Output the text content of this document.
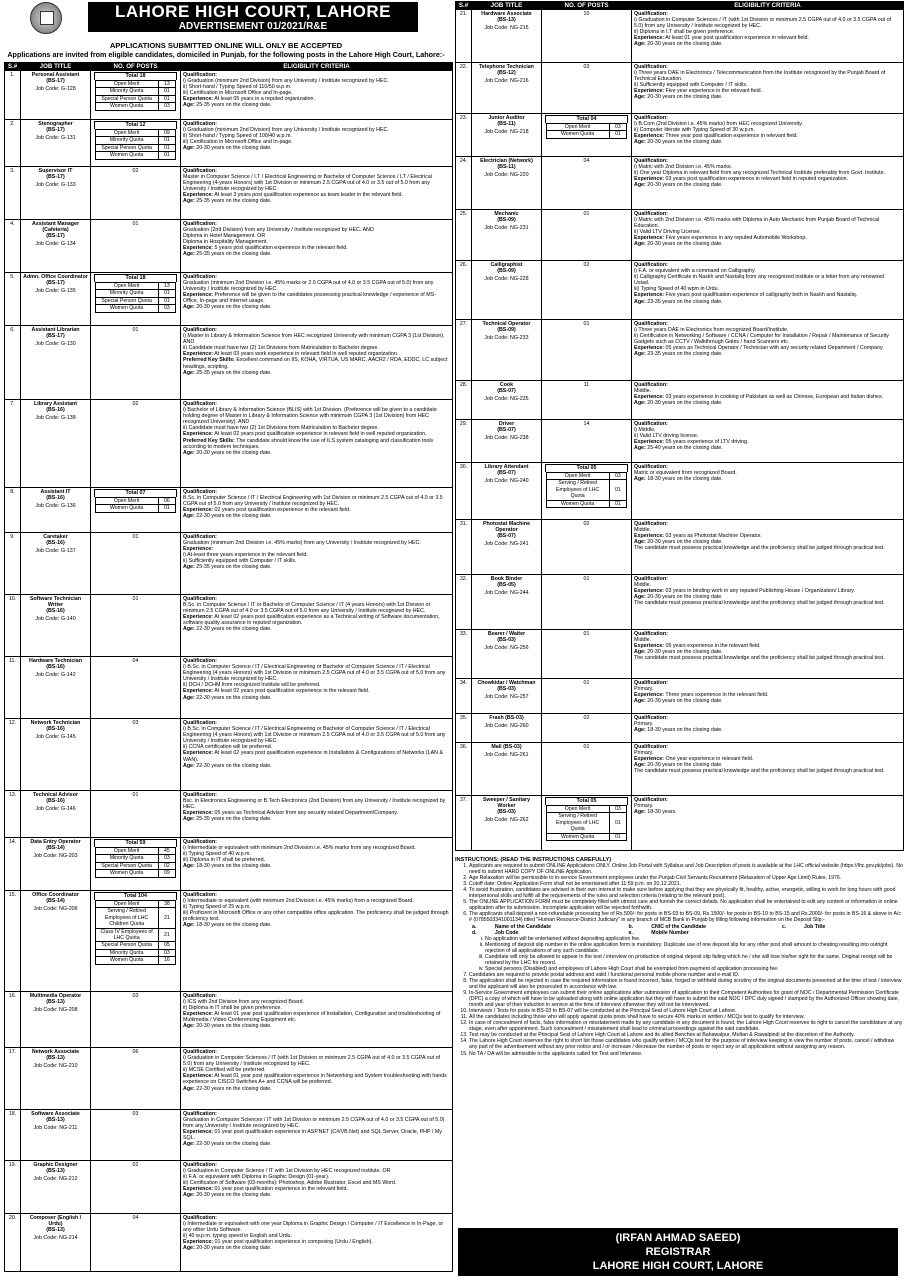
LAHORE HIGH COURT, LAHORE
ADVERTISEMENT 01/2021/R&E
APPLICATIONS SUBMITTED ONLINE WILL ONLY BE ACCEPTED
Applications are invited from eligible candidates, domiciled in Punjab, for the following posts in the Lahore High Court, Lahore:-
S.#	JOB TITLE	NO. OF POSTS	ELIGIBILITY CRITERIA
1.	Personal Assistant
(BS-17)
Job Code: G-128

Total 18
Open Merit	13
Minority Quota	01
Special Person Quota	01
Women Quota	03

Qualification:
i) Graduation (minimum 2nd Division) from any University / Institute recognized by HEC.
ii) Short-hand / Typing Speed of 110/50 w.p.m.
iii) Certification in Microsoft Office and In-page.
Experience: At least 05 years in a reputed organization.
Age: 25-35 years on the closing date.

2.	Stenographer
(BS-17)
Job Code: G-131

Total 12
Open Merit	09
Minority Quota	01
Special Person Quota	01
Women Quota	01

Qualification:
i) Graduation (minimum 2nd Division) from any University / Institute recognized by HEC.
ii) Short-hand / Typing Speed of 100/40 w.p.m.
iii) Certification in Microsoft Office and In-page.
Age: 20-30 years on the closing date.

3.	Supervisor IT
(BS-17)
Job Code: G-133
	02	Qualification:
Master in Computer Science / I.T / Electrical Engineering or Bachelor of Computer Science / I.T / Electrical Engineering (4-years Honors) with 1st Division or minimum 2.5 CGPA out of 4.0 or 3.5 out of 5.0 from any University / Institute recognized by HEC.
Experience: At least 3 years post qualification experience as team leader in the relevant field.
Age: 25-35 years on the closing date.

4.	Assistant Manager (Cafeteria)
(BS-17)
Job Code: G-134
	01	Qualification:
Graduation (2nd Division) from any University / Institute recognized by HEC. AND
Diploma in Hotel Management. OR
Diploma in Hospitality Management.
Experience: 5 years post qualification experience in the relevant field.
Age: 25-35 years on the closing date.

5.	Admn. Office Coordinator
(BS-17)
Job Code: G-135

Total 18
Open Merit	13
Minority Quota	01
Special Person Quota	01
Women Quota	03

Qualification:
Graduation (minimum 2nd Division i.e. 45% marks or 2.5 CGPA out of 4.0 or 3.5 CGPA out of 5.0) from any University / Institute recognized by HEC.
Experience: Preference will be given to the candidates possessing practical knowledge / experience of MS-Office, In-page and Internet usage.
Age: 20-30 years on the closing date.

6.	Assistant Librarian
(BS-17)
Job Code: G-130
	01	Qualification:
i) Master in Library & Information Science from HEC recognized University with minimum CGPA 3 (1st Division). AND
ii) Candidate must have two (2) 1st Divisions from Matriculation to Bachelor degree.
Experience: At least 03 years work experience in relevant field in well reputed organization.
Preferred Key Skills: Excellent command on IIS, KOHA, VIRTUA, US MARC, AACR2 / RDA, EDDC, LC subject headings, scripting.
Age: 25-35 years on the closing date.

7.	Library Assistant
(BS-16)
Job Code: G-138
	02	Qualification:
i) Bachelor of Library & Information Science (BLIS) with 1st Division. (Preference will be given to a candidate holding degree of Master in Library & Information Science with minimum CGPA 3 (1st Division) from HEC recognized University). AND
ii) Candidate must have two (2) 1st Divisions from Matriculation to Bachelor degree.
Experience: At least 02 years post qualification experience in relevant field in well reputed organization.
Preferred Key Skills: The candidate should know the use of ILS system cataloging and classification tools according to modern techniques.
Age: 20-30 years on the closing date.

8.	Assistant IT
(BS-16)
Job Code: G-136

Total 07
Open Merit	06
Women Quota	01

Qualification:
B.Sc. in Computer Science / IT / Electrical Engineering with 1st Division or minimum 2.5 CGPA out of 4.0 or 3.5 CGPA out of 5.0 from any University / Institute recognized by HEC.
Experience: 02 years post qualification experience in the relevant field.
Age: 22-30 years on the closing date.

9.	Caretaker
(BS-16)
Job Code: G-137
	01	Qualification:
Graduation (minimum 2nd Division i.e. 45% marks) from any University / Institute recognized by HEC.
Experience:
i) At-least three years experience in the relevant field.
ii) Sufficiently equipped with Computer / IT skills.
Age: 25-35 years on the closing date.

10.	Software Technician Writer
(BS-16)
Job Code: G-140
	01	Qualification:
B.Sc. in Computer Science / IT or Bachelor of Computer Science / IT (4 years Honors) with 1st Division or minimum 2.5 CGPA out of 4.0 or 3.5 CGPA out of 5.0 from any University / Institute recognized by HEC.
Experience: At least 02 years post qualification experience as a Technical writing of Software documentation, software quality assurance in reputed organization.
Age: 22-30 years on the closing date.

11.	Hardware Technician
(BS-16)
Job Code: G-142
	04	Qualification:
i) B.Sc. in Computer Science / IT / Electrical Engineering or Bachelor of Computer Science / IT / Electrical Engineering (4 years Honors) with 1st Division or minimum 2.5 CGPA out of 4.0 or 3.5 CGPA out of 5.0 from any University / Institute recognized by HEC.
ii) DCH / DCHM from recognized Institute will be preferred.
Experience: At least 02 years post qualification experience in the relevant field.
Age: 22-30 years on the closing date.

12.	Network Technician
(BS-16)
Job Code: G-145
	03	Qualification:
i) B.Sc. in Computer Science / IT / Electrical Engineering or Bachelor of Computer Science / IT / Electrical Engineering (4 years Honors) with 1st Division or minimum 2.5 CGPA out of 4.0 or 3.5 CGPA out of 5.0 from any University / Institute recognized by HEC.
ii) CCNA certification will be preferred.
Experience: At least 02 years post qualification experience in Installation & Configurations of Networks (LAN & WAN).
Age: 22-30 years on the closing date.

13.	Technical Advisor
(BS-16)
Job Code: G-146
	01	Qualification:
Bsc. in Electronics Engineering or B.Tech Electronics (2nd Division) from any University / Institute recognized by HEC.
Experience: 05 years as Technical Advisor from any security related Department/Company.
Age: 25-35 years on the closing date.

14.	Data Entry Operator
(BS-14)
Job Code: NG-203

Total 59
Open Merit	45
Minority Quota	03
Special Person Quota	02
Women Quota	09

Qualification:
i) Intermediate or equivalent with minimum 2nd Division i.e. 45% marks from any recognized Board.
ii) Typing Speed of 40 w.p.m.
iii) Diploma in IT shall be preferred.
Age: 18-30 years on the closing date.

15.	Office Coordinator
(BS-14)
Job Code: NG-206

Total 104
Open Merit	38
Serving / Retired Employees of LHC Children Quota	21
Class IV Employees of LHC Quota	21
Special Person Quota	05
Minority Quota	03
Women Quota	16

Qualification:
i) Intermediate or equivalent (with minimum 2nd Division i.e. 45% marks) from a recognized Board.
ii) Typing Speed of 25 w.p.m.
iii) Proficient in Microsoft Office or any other compatible office application. The proficiency shall be judged through proficiency test.
Age: 18-30 years on the closing date.

16.	Multimedia Operator
(BS-13)
Job Code: NG-208
	03	Qualification:
i) ICS with 2nd Division from any recognized Board.
ii) Diploma in IT shall be given preference.
Experience: At least 01 year post qualification experience of Installation, Configuration and troubleshooting of Multimedia / Video Conferencing Equipment etc.
Age: 20-30 years on the closing date.

17.	Network Associate
(BS-13)
Job Code: NG-210
	06	Qualification:
i) Graduation in Computer Sciences / IT (with 1st Division or minimum 2.5 CGPA out of 4.0 or 3.5 CGPA out of 5.0) from any University / Institute recognized by HEC.
ii) MCSE Certified will be preferred.
Experience: At least 01 year post qualification experience in Networking and System troubleshooting with hands experience on CISCO Switches A+ and CCNA will be preferred.
Age: 22-30 years on the closing date.

18.	Software Associate
(BS-13)
Job Code: NG-211
	03	Qualification:
Graduation in Computer Sciences / IT with 1st Division or minimum 2.5 CGPA out of 4.0 or 3.5 CGPA out of 5.0) from any University / Institute recognized by HEC.
Experience: 01 year post qualification experience in ASP.NET (C#/VB.Net) and SQL Server, Oracle, PHP / My SQL.
Age: 22-30 years on the closing date.

19.	Graphic Designer
(BS-13)
Job Code: NG-212
	02	Qualification:
i) Graduation in Computer Science / IT with 1st Division by HEC recognized institute. OR
ii) F.A. or equivalent with Diploma in Graphic Design (01-year).
iii) Certification of Software (03-months): Photoshop, Adobe Illustrator, Excel and MS Word.
Experience: 01 year post qualification experience in the relevant field.
Age: 20-30 years on the closing date.

20.	Composer (English / Urdu)
(BS-13)
Job Code: NG-214
	04	Qualification:
i) Intermediate or equivalent with one year Diploma in Graphic Design / Computer / IT Excellence in In-Page, or any other Urdu Software.
ii) 40 w.p.m. typing speed in English and Urdu.
Experience: 01 year post qualification experience in composing (Urdu / English).
Age: 20-30 years on the closing date.
S.#	JOB TITLE	NO. OF POSTS	ELIGIBILITY CRITERIA
21.	Hardware Associate
(BS-13)
Job Code: NG-215
	10	Qualification:
i) Graduation in Computer Sciences / IT (with 1st Division or minimum 2.5 CGPA out of 4.0 or 3.5 CGPA out of 5.0) from any University / Institute recognized by HEC.
ii) Diploma in I.T shall be given preference.
Experience: At least 01 year post qualification experience in relevant field.
Age: 20-30 years on the closing date.

22.	Telephone Technician
(BS-12)
Job Code: NG-216
	03	Qualification:
i) Three years DAE in Electronics / Telecommunication from the Institute recognized by the Punjab Board of Technical Education.
ii) Sufficiently equipped with Computer / IT skills.
Experience: Five year experience in the relevant field.
Age: 20-30 years on the closing date.

23.	Junior Auditor
(BS-11)
Job Code: NG-218

Total 04
Open Merit	03
Women Quota	01

Qualification:
i) B.Com (2nd Division i.e. 45% marks) from HEC recognized University.
ii) Computer literate with Typing Speed of 30 w.p.m.
Experience: Three year post qualification experience in relevant field.
Age: 20-30 years on the closing date.

24.	Electrician (Network)
(BS-11)
Job Code: NG-220
	04	Qualification:
i) Matric with 2nd Division i.e. 45% marks.
ii) One year Diploma in relevant field from any recognized Technical Institute preferably from Govt. Institute.
Experience: 03 years post qualification experience in relevant field in reputed organization.
Age: 20-30 years on the closing date.

25.	Mechanic
(BS-09)
Job Code: NG-231
	01	Qualification:
i) Matric with 2nd Division i.e. 45% marks with Diploma in Auto Mechanic from Punjab Board of Technical Education.
ii) Valid LTV Driving License.
Experience: Five years experience in any reputed Automobile Workshop.
Age: 20-30 years on the closing date.

26.	Calligraphist
(BS-09)
Job Code: NG-228
	02	Qualification:
i) F.A. or equivalent with a command on Calligraphy.
ii) Calligraphy Certificate in Naskh and Nastaliq from any recognized institute or a letter from any renowned Ustad.
iii) Typing Speed of 40 wpm in Urdu.
Experience: Five years post qualification experience of calligraphy both in Naskh and Nastaliq.
Age: 23-35 years on the closing date.

27.	Technical Operator
(BS-09)
Job Code: NG-233
	01	Qualification:
i) Three years DAE in Electronics from recognized Board/Institute.
ii) Certification in Networking / Software / CCNA / Computer for Installation / Repair / Maintenance of Security Gadgets such as CCTV / Walkthrough Gates / hand Scanners etc.
Experience: 05 years as Technical Operator / Technician with any security related Department / Company.
Age: 23-35 years on the closing date.

28.	Cook
(BS-07)
Job Code: NG-235
	11	Qualification:
Middle.
Experience: 03 years experience in cooking of Pakistani as well as Chinese, European and Italian dishes.
Age: 20-30 years on the closing date.

29.	Driver
(BS-07)
Job Code: NG-238
	14	Qualification:
i) Middle.
ii) Valid LTV driving license.
Experience: 05 years experience of LTV driving.
Age: 25-40 years on the closing date.

30.	Library Attendant
(BS-07)
Job Code: NG-240

Total 05
Open Merit	03
Serving / Retired Employees of LHC Quota	01
Women Quota	01

Qualification:
Matric or equivalent from recognized Board.
Age: 18-30 years on the closing date.

31.	Photostat Machine Operator
(BS-07)
Job Code: NG-241
	02	Qualification:
Middle.
Experience: 03 years as Photostat Machine Operator.
Age: 20-30 years on the closing date.
The candidate must possess practical knowledge and the proficiency shall be judged through practical test.

32.	Book Binder
(BS-05)
Job Code: NG-244
	01	Qualification:
Middle.
Experience: 03 years in binding work in any reputed Publishing House / Organization/ Library.
Age: 20-30 years on the closing date.
The candidate must possess practical knowledge and the proficiency shall be judged through practical test.

33.	Bearer / Waiter
(BS-03)
Job Code: NG-256
	01	Qualification:
Middle.
Experience: 05 years experience in the relevant field.
Age: 20-30 years on the closing date.
The candidate must possess practical knowledge and the proficiency shall be judged through practical test.

34.	Chowkidar / Watchman (BS-03)
Job Code: NG-257
	01	Qualification:
Primary.
Experience: Three years experience in the relevant field.
Age: 20-30 years on the closing date.

35.	Frash (BS-03)
Job Code: NG-260
	02	Qualification:
Primary.
Age: 18-30 years on the closing date.

36.	Mali (BS-03)
Job Code: NG-261
	01	Qualification:
Primary.
Experience: One year experience in relevant field.
Age: 20-30 years on the closing date.
The candidate must possess practical knowledge and the proficiency shall be judged through practical test.

37.	Sweeper / Sanitary Worker
(BS-03)
Job Code: NG-262

Total 05
Open Merit	03
Serving / Retired Employees of LHC Quota	01
Women Quota	01

Qualification:
Primary.
Age: 18-30 years.
INSTRUCTIONS: (READ THE INSTRUCTIONS CAREFULLY)
1. Applicants are required to submit ONLINE Applications ONLY. Online Job Portal with Syllabus and Job Description of posts is available at the LHC official website (https://lhc.gov.pk/jobs). No need to submit HARD COPY OF ONLINE Application.
2. Age Relaxation will be permissible to in-service Government employees under the Punjab Civil Servants Recruitment (Relaxation of Upper Age Limit) Rules, 1976.
3. Cutoff date: Online Application Form shall not be entertained after 11:59 p.m. on 20.12.2021.
4. To avoid frustration, candidates are advised in their own interest to make sure before applying that they are physically fit, healthy, active, energetic, willing to work for long hours with good interpersonal skills and fulfill all the requirements of the rules and selection criteria (relating to the relevant post).
5. The ONLINE APPLICATION FORM must be completely filled with utmost care and furnish the correct details. No application shall be entertained to edit any content or information in online application after its submission. Incomplete application will be rejected forthwith.
6. The applicants shall deposit a non-refundable processing fee of Rs.500/- for posts in BS-03 to BS-09, Rs.1500/- for posts in BS-10 to BS-15 and Rs.2000/- for posts in BS-16 & above in A/c # (0785503341001134) titled "Human Resource-District Judiciary" in any branch of MCB Bank in Punjab by filling following information on the Deposit Slip:-
a.	Name of the Candidate	b.	CNIC of the Candidate	c.	Job Title
d.	Job Code	e.	Mobile Number		
i. No application will be entertained without depositing application fee.
ii. Mentioning of deposit slip number in the online application form is mandatory. Duplicate use of one deposit slip for any other post shall amount to cheating resulting into outright rejection of all applications of any such candidate.
iii. Candidate will only be allowed to appear in the test / interview on production of original deposit slip failing which he / she will lose his/her right for the same. Original receipt will be retained by the LHC for record.
iv. Special persons (Disabled) and employees of Lahore High Court shall be exempted from payment of application processing fee.
7. Candidates are required to provide postal address and valid / functional personal mobile phone number and e-mail ID.
8. The application shall be rejected in case the required information is found incorrect, false, forged or withheld during scrutiny of the original documents presented at the time of test / interview and the applicant will also be prosecuted in accordance with law.
9. In-Service Government employees can submit their online applications after submission of application to their Competent Authorities for grant of NOC / Departmental Permission Certificate (DPC) a copy of which will have to be uploaded along with online application but they will have to submit the said NOC / DPC duly signed / stamped by the Authorized Officer showing date, month and year of their induction in service at the time of interview otherwise they will not be interviewed.
10. Interviews / Tests for posts in BS-03 to BS-07 will be conducted at the Principal Seat of Lahore High Court at Lahore.
11. All the candidates including those who will apply against quota posts shall have to secure 40% marks in written / MCQs test to qualify for interview.
12. In case of concealment of facts, false information or misstatement made by any candidate in any document is found, the Lahore High Court reserves its right to cancel the candidature at any stage, even after appointment. Such concealment / misstatement shall lead to criminal proceedings against the said candidate.
13. Test may be conducted at the Principal Seat of Lahore High Court at Lahore and its allied Benches at Bahawalpur, Multan & Rawalpindi at the discretion of the Authority.
14. The Lahore High Court reserves the right to short list those candidates who qualify written / MCQs test for the purpose of interview keeping in view the number of posts, cancel / withdraw any part of the advertisement without any prior notice and / or increase / decrease the number of posts or reject any or all applications without assigning any reason.
15. No TA / DA will be admissible to the applicants called for Test and Interview.
(IRFAN AHMAD SAEED)
REGISTRAR
LAHORE HIGH COURT, LAHORE
